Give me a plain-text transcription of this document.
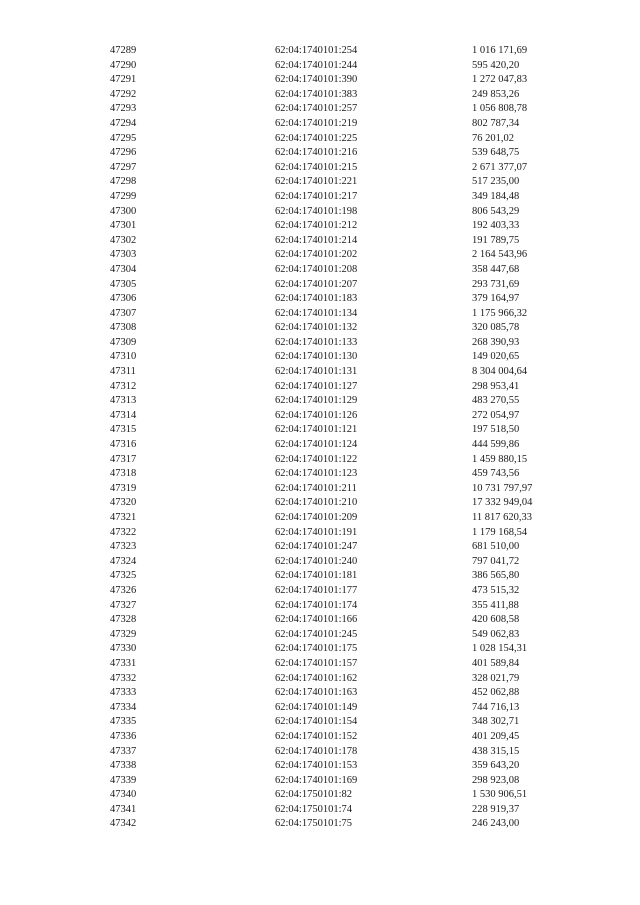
47289	62:04:1740101:254	1 016 171,69
47290	62:04:1740101:244	595 420,20
47291	62:04:1740101:390	1 272 047,83
47292	62:04:1740101:383	249 853,26
47293	62:04:1740101:257	1 056 808,78
47294	62:04:1740101:219	802 787,34
47295	62:04:1740101:225	76 201,02
47296	62:04:1740101:216	539 648,75
47297	62:04:1740101:215	2 671 377,07
47298	62:04:1740101:221	517 235,00
47299	62:04:1740101:217	349 184,48
47300	62:04:1740101:198	806 543,29
47301	62:04:1740101:212	192 403,33
47302	62:04:1740101:214	191 789,75
47303	62:04:1740101:202	2 164 543,96
47304	62:04:1740101:208	358 447,68
47305	62:04:1740101:207	293 731,69
47306	62:04:1740101:183	379 164,97
47307	62:04:1740101:134	1 175 966,32
47308	62:04:1740101:132	320 085,78
47309	62:04:1740101:133	268 390,93
47310	62:04:1740101:130	149 020,65
47311	62:04:1740101:131	8 304 004,64
47312	62:04:1740101:127	298 953,41
47313	62:04:1740101:129	483 270,55
47314	62:04:1740101:126	272 054,97
47315	62:04:1740101:121	197 518,50
47316	62:04:1740101:124	444 599,86
47317	62:04:1740101:122	1 459 880,15
47318	62:04:1740101:123	459 743,56
47319	62:04:1740101:211	10 731 797,97
47320	62:04:1740101:210	17 332 949,04
47321	62:04:1740101:209	11 817 620,33
47322	62:04:1740101:191	1 179 168,54
47323	62:04:1740101:247	681 510,00
47324	62:04:1740101:240	797 041,72
47325	62:04:1740101:181	386 565,80
47326	62:04:1740101:177	473 515,32
47327	62:04:1740101:174	355 411,88
47328	62:04:1740101:166	420 608,58
47329	62:04:1740101:245	549 062,83
47330	62:04:1740101:175	1 028 154,31
47331	62:04:1740101:157	401 589,84
47332	62:04:1740101:162	328 021,79
47333	62:04:1740101:163	452 062,88
47334	62:04:1740101:149	744 716,13
47335	62:04:1740101:154	348 302,71
47336	62:04:1740101:152	401 209,45
47337	62:04:1740101:178	438 315,15
47338	62:04:1740101:153	359 643,20
47339	62:04:1740101:169	298 923,08
47340	62:04:1750101:82	1 530 906,51
47341	62:04:1750101:74	228 919,37
47342	62:04:1750101:75	246 243,00
